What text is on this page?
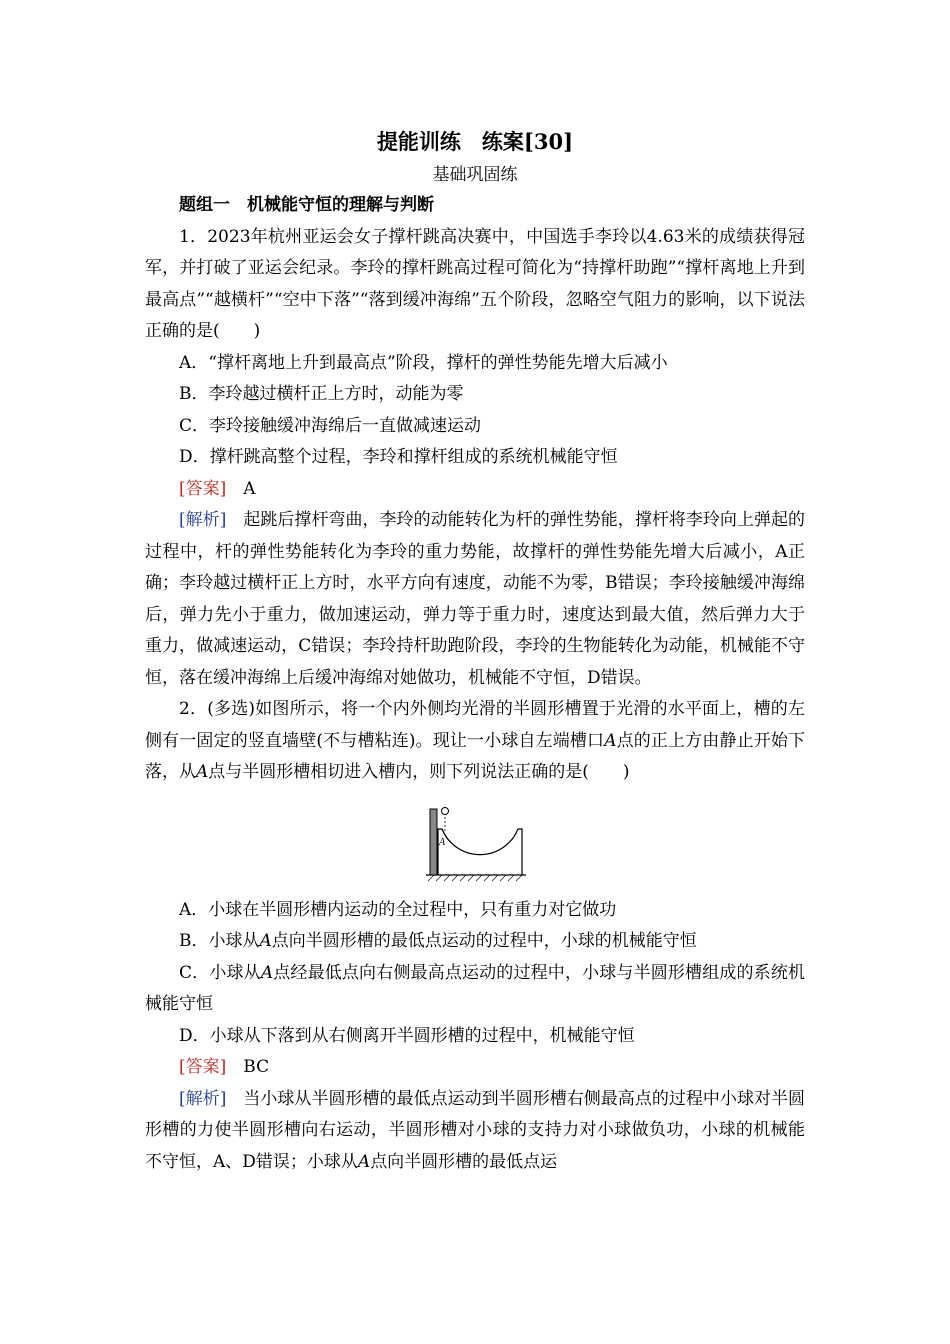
提能训练　练案[30]
基础巩固练

题组一　机械能守恒的理解与判断

1．2023年杭州亚运会女子撑杆跳高决赛中，中国选手李玲以4.63米的成绩获得冠军，并打破了亚运会纪录。李玲的撑杆跳高过程可简化为“持撑杆助跑”“撑杆离地上升到最高点”“越横杆”“空中下落”“落到缓冲海绵”五个阶段，忽略空气阻力的影响，以下说法正确的是(　　)

A．“撑杆离地上升到最高点”阶段，撑杆的弹性势能先增大后减小

B．李玲越过横杆正上方时，动能为零

C．李玲接触缓冲海绵后一直做减速运动

D．撑杆跳高整个过程，李玲和撑杆组成的系统机械能守恒

[答案]　 A

[解析]　 起跳后撑杆弯曲，李玲的动能转化为杆的弹性势能，撑杆将李玲向上弹起的过程中，杆的弹性势能转化为李玲的重力势能，故撑杆的弹性势能先增大后减小，A正确；李玲越过横杆正上方时，水平方向有速度，动能不为零，B错误；李玲接触缓冲海绵后，弹力先小于重力，做加速运动，弹力等于重力时，速度达到最大值，然后弹力大于重力，做减速运动，C错误；李玲持杆助跑阶段，李玲的生物能转化为动能，机械能不守恒，落在缓冲海绵上后缓冲海绵对她做功，机械能不守恒，D错误。

2．(多选)如图所示，将一个内外侧均光滑的半圆形槽置于光滑的水平面上，槽的左侧有一固定的竖直墙壁(不与槽粘连)。现让一小球自左端槽口A点的正上方由静止开始下落，从A点与半圆形槽相切进入槽内，则下列说法正确的是(　　)

A

A．小球在半圆形槽内运动的全过程中，只有重力对它做功

B．小球从A点向半圆形槽的最低点运动的过程中，小球的机械能守恒

C．小球从A点经最低点向右侧最高点运动的过程中，小球与半圆形槽组成的系统机械能守恒

D．小球从下落到从右侧离开半圆形槽的过程中，机械能守恒

[答案]　 BC

[解析]　 当小球从半圆形槽的最低点运动到半圆形槽右侧最高点的过程中小球对半圆形槽的力使半圆形槽向右运动，半圆形槽对小球的支持力对小球做负功，小球的机械能不守恒，A、D错误；小球从A点向半圆形槽的最低点运
